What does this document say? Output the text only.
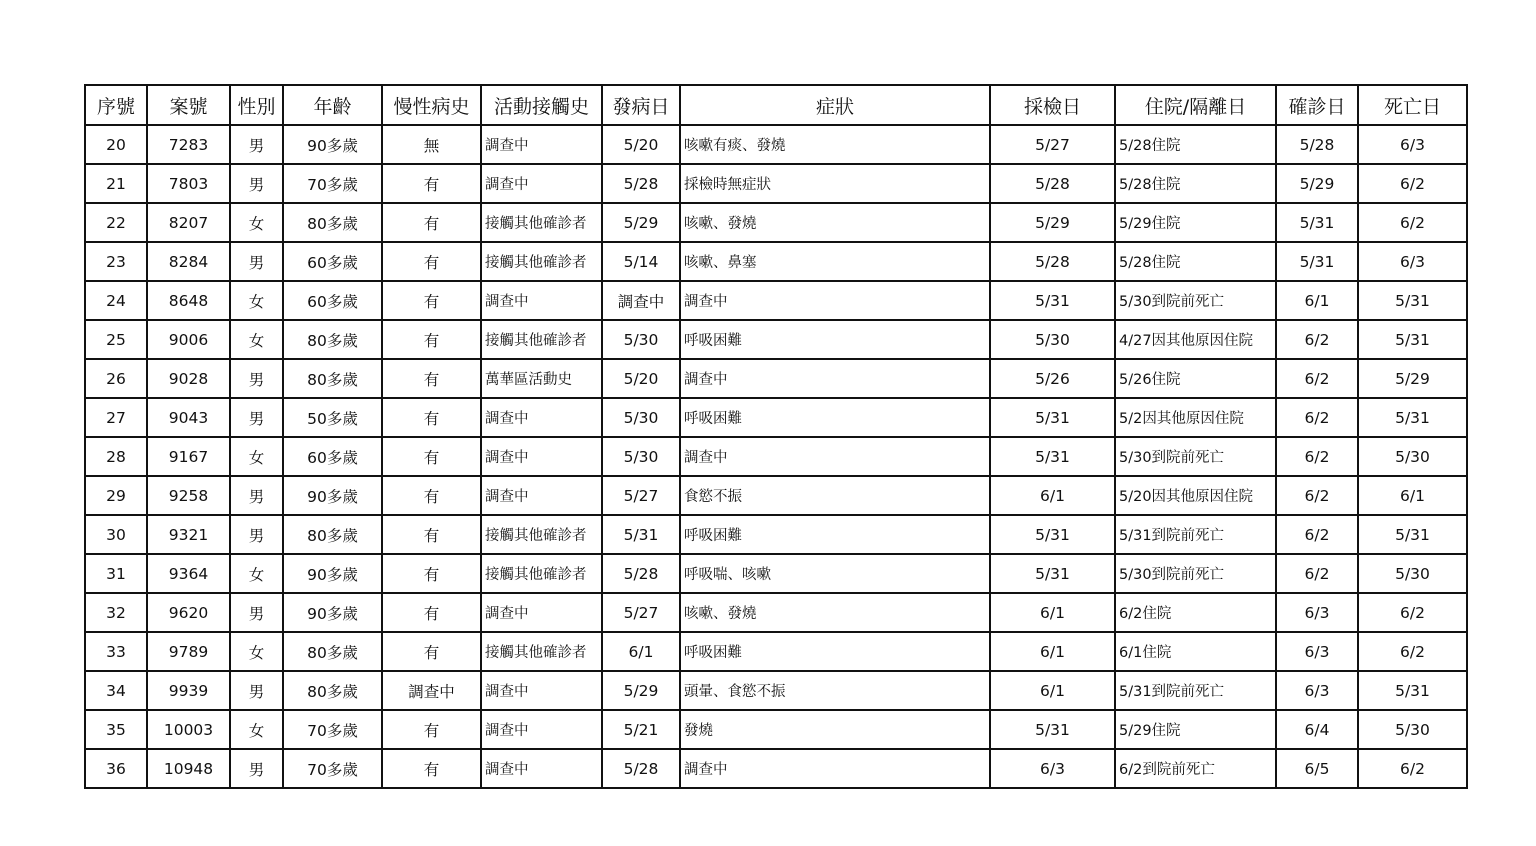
序號	案號	性別	年齡	慢性病史	活動接觸史	發病日	症狀	採檢日	住院/隔離日	確診日	死亡日
20	7283	男	90多歲	無	調查中	5/20	咳嗽有痰、發燒	5/27	5/28住院	5/28	6/3
21	7803	男	70多歲	有	調查中	5/28	採檢時無症狀	5/28	5/28住院	5/29	6/2
22	8207	女	80多歲	有	接觸其他確診者	5/29	咳嗽、發燒	5/29	5/29住院	5/31	6/2
23	8284	男	60多歲	有	接觸其他確診者	5/14	咳嗽、鼻塞	5/28	5/28住院	5/31	6/3
24	8648	女	60多歲	有	調查中	調查中	調查中	5/31	5/30到院前死亡	6/1	5/31
25	9006	女	80多歲	有	接觸其他確診者	5/30	呼吸困難	5/30	4/27因其他原因住院	6/2	5/31
26	9028	男	80多歲	有	萬華區活動史	5/20	調查中	5/26	5/26住院	6/2	5/29
27	9043	男	50多歲	有	調查中	5/30	呼吸困難	5/31	5/2因其他原因住院	6/2	5/31
28	9167	女	60多歲	有	調查中	5/30	調查中	5/31	5/30到院前死亡	6/2	5/30
29	9258	男	90多歲	有	調查中	5/27	食慾不振	6/1	5/20因其他原因住院	6/2	6/1
30	9321	男	80多歲	有	接觸其他確診者	5/31	呼吸困難	5/31	5/31到院前死亡	6/2	5/31
31	9364	女	90多歲	有	接觸其他確診者	5/28	呼吸喘、咳嗽	5/31	5/30到院前死亡	6/2	5/30
32	9620	男	90多歲	有	調查中	5/27	咳嗽、發燒	6/1	6/2住院	6/3	6/2
33	9789	女	80多歲	有	接觸其他確診者	6/1	呼吸困難	6/1	6/1住院	6/3	6/2
34	9939	男	80多歲	調查中	調查中	5/29	頭暈、食慾不振	6/1	5/31到院前死亡	6/3	5/31
35	10003	女	70多歲	有	調查中	5/21	發燒	5/31	5/29住院	6/4	5/30
36	10948	男	70多歲	有	調查中	5/28	調查中	6/3	6/2到院前死亡	6/5	6/2
